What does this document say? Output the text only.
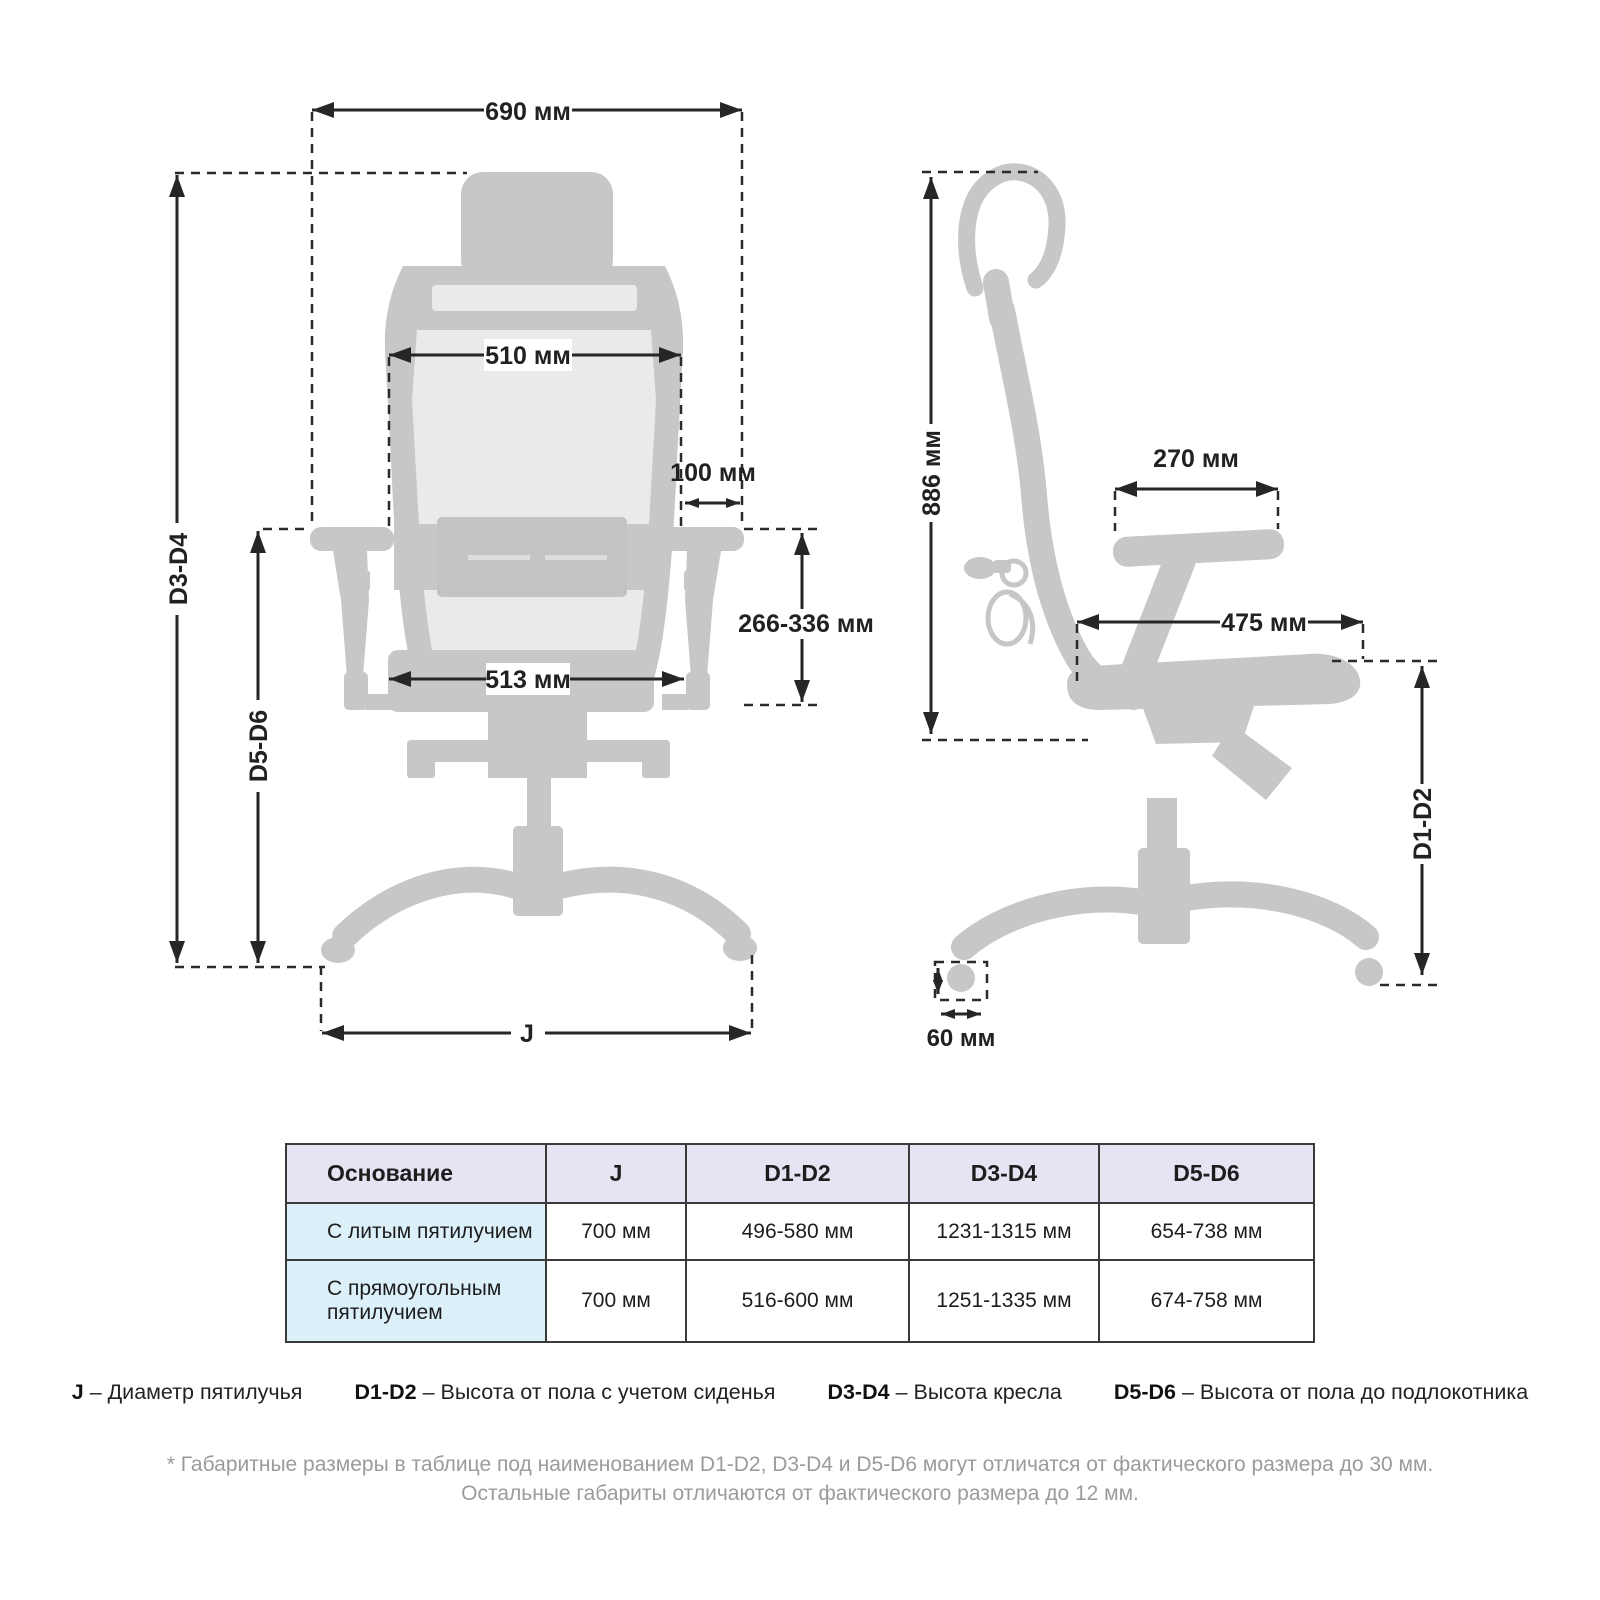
690 мм
D3-D4
D5-D6
510 мм
100 мм
266-336 мм
513 мм
J
886 мм	270 мм
475 мм
D1-D2
60 мм
Основание	J	D1-D2	D3-D4	D5-D6
С литым пятилучием	700 мм	496-580 мм	1231-1315 мм	654-738 мм
С прямоугольным пятилучием	700 мм	516-600 мм	1251-1335 мм	674-758 мм
J – Диаметр пятилучья D1-D2 – Высота от пола с учетом сиденья D3-D4 – Высота кресла D5-D6 – Высота от пола до подлокотника
* Габаритные размеры в таблице под наименованием D1-D2, D3-D4 и D5-D6 могут отличатся от фактического размера до 30 мм.
Остальные габариты отличаются от фактического размера до 12 мм.
